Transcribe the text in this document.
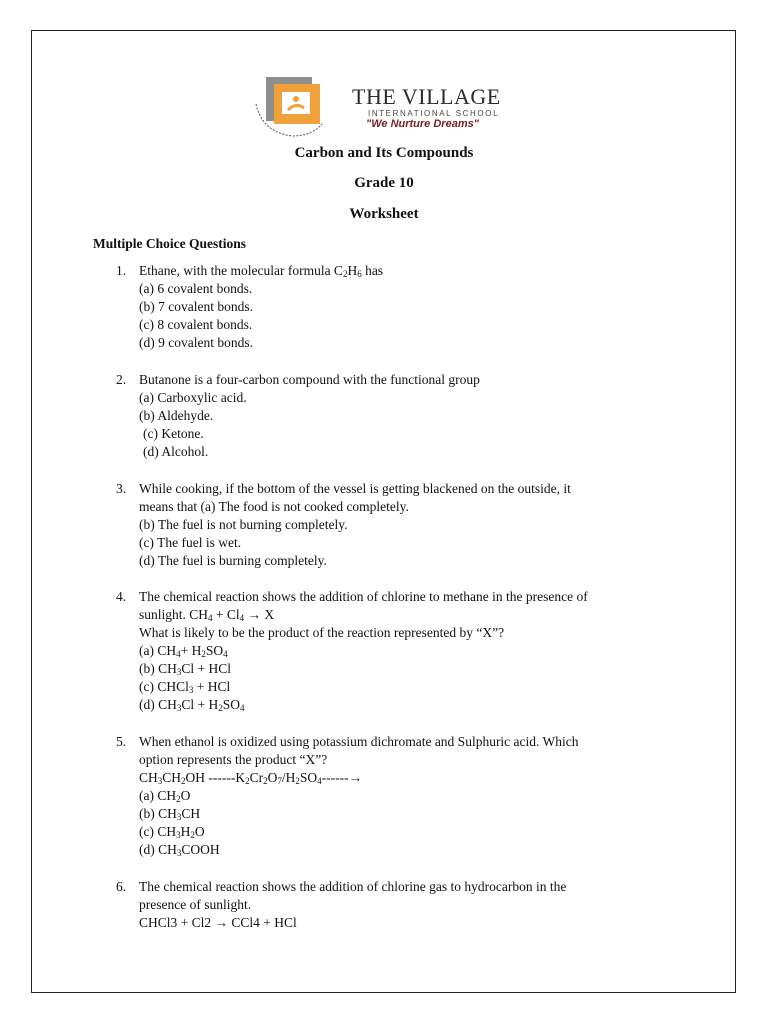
THE VILLAGE
INTERNATIONAL SCHOOL
"We Nurture Dreams"
Carbon and Its Compounds
Grade 10
Worksheet
Multiple Choice Questions
1. Ethane, with the molecular formula $C_2H_6$ has
(a) 6 covalent bonds.
(b) 7 covalent bonds.
(c) 8 covalent bonds.
(d) 9 covalent bonds.
2. Butanone is a four-carbon compound with the functional group
(a) Carboxylic acid.
(b) Aldehyde.
(c) Ketone.
(d) Alcohol.
3. While cooking, if the bottom of the vessel is getting blackened on the outside, it
means that (a) The food is not cooked completely.
(b) The fuel is not burning completely.
(c) The fuel is wet.
(d) The fuel is burning completely.
4. The chemical reaction shows the addition of chlorine to methane in the presence of
sunlight. $CH_4 + Cl_4 \to X$
What is likely to be the product of the reaction represented by “X”?
(a) $CH_4+ H_2SO_4$
(b) $CH_3Cl$ + HCl
(c) CHCl$_3$ + HCl
(d) $CH_3Cl + H_2SO_4$
5. When ethanol is oxidized using potassium dichromate and Sulphuric acid. Which
option represents the product “X”?
$CH_3CH_2OH$ $------K_2Cr_2O_7/H_2SO_4------\to$
(a) $CH_2O$
(b) $CH_3CH$
(c) $CH_3H_2O$
(d) $CH_3COOH$
6. The chemical reaction shows the addition of chlorine gas to hydrocarbon in the
presence of sunlight.
CHCl3 + Cl2 → CCl4 + HCl
